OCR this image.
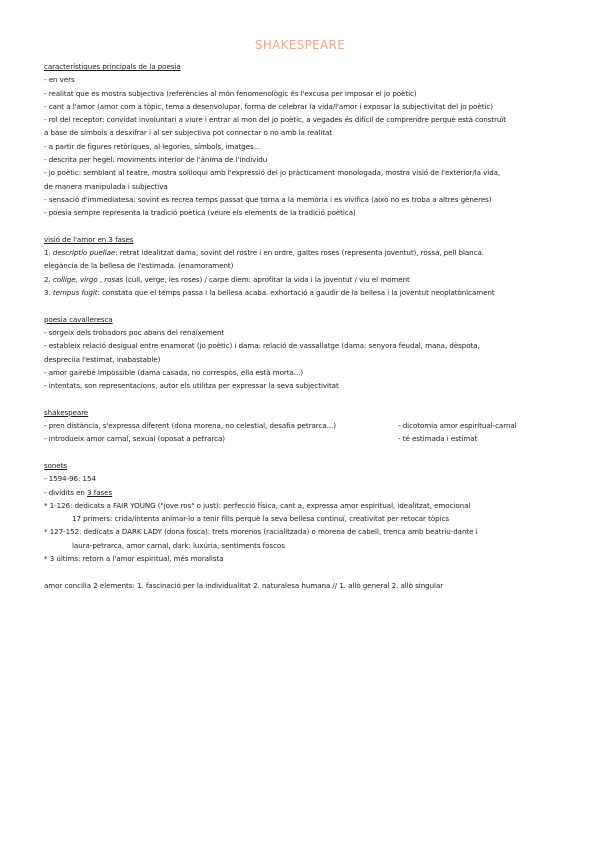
SHAKESPEARE

característiques principals de la poesia

- en vers

- realitat que es mostra subjectiva (referències al món fenomenològic és l'excusa per imposar el jo poètic)

- cant a l'amor (amor com a tòpic, tema a desenvolupar, forma de celebrar la vida/l'amor i exposar la subjectivitat del jo poètic)

- rol del receptor: convidat involuntari a viure i entrar al mon del jo poètic, a vegades és difícil de comprendre perquè està construït

a base de símbols a desxifrar i al ser subjectiva pot connectar o no amb la realitat

- a partir de figures retòriques, al·legories, símbols, imatges...

- descrita per hegel: moviments interior de l'ànima de l'individu

- jo poètic: semblant al teatre, mostra soliloqui amb l'expressió del jo pràcticament monologada, mostra visió de l'exterior/la vida,

de manera manipulada i subjectiva

- sensació d'immediatesa: sovint es recrea temps passat que torna a la memòria i es vivifica (això no es troba a altres gèneres)

- poesia sempre representa la tradició poètica (veure els elements de la tradició poètica)

visió de l'amor en 3 fases

1. descriptio puellae: retrat idealitzat dama, sovint del rostre i en ordre, galtes roses (representa joventut), rossa, pell blanca.

elegància de la bellesa de l'estimada. (enamorament)

2. collige, virgo , rosas (cull, verge, les roses) / carpe diem: aprofitar la vida i la joventut / viu el moment

3. tempus fugit: constata que el temps passa i la bellesa acaba. exhortació a gaudir de la bellesa i la joventut neoplatònicament

poesia cavalleresca

- sorgeix dels trobadors poc abans del renaixement

- estableix relació desigual entre enamorat (jo poètic) i dama: relació de vassallatge (dama: senyora feudal, mana, dèspota,

despreciia l'estimat, inabastable)

- amor gairebé impossible (dama casada, no correspòs, ella està morta...)

- intentats, son representacions, autor els utilitza per expressar la seva subjectivitat

shakespeare

- pren distància, s'expressa diferent (dona morena, no celestial, desafia petrarca...)	- dicotomia amor espiritual-carnal

- introdueix amor carnal, sexual (oposat a petrarca)	- té estimada i estimat

sonets

- 1594-96: 154

- dividits en 3 fases

* 1-126: dedicats a FAIR YOUNG ("jove ros" o just): perfecció física, cant a, expressa amor espiritual, idealitzat, emocional

17 primers: crida/intenta animar-lo a tenir fills perquè la seva bellesa continuï, creativitat per retocar tòpics

* 127-152: dedicats a DARK LADY (dona fosca): trets morenos (racialitzada) o morena de cabell, trenca amb beatriu-dante i

laura-petrarca, amor carnal, dark: luxúria, sentiments foscos

* 3 últims: retorn a l'amor espiritual, més moralista

amor concilia 2 elements: 1. fascinació per la individualitat 2. naturalesa humana // 1. allò general 2. allò singular
